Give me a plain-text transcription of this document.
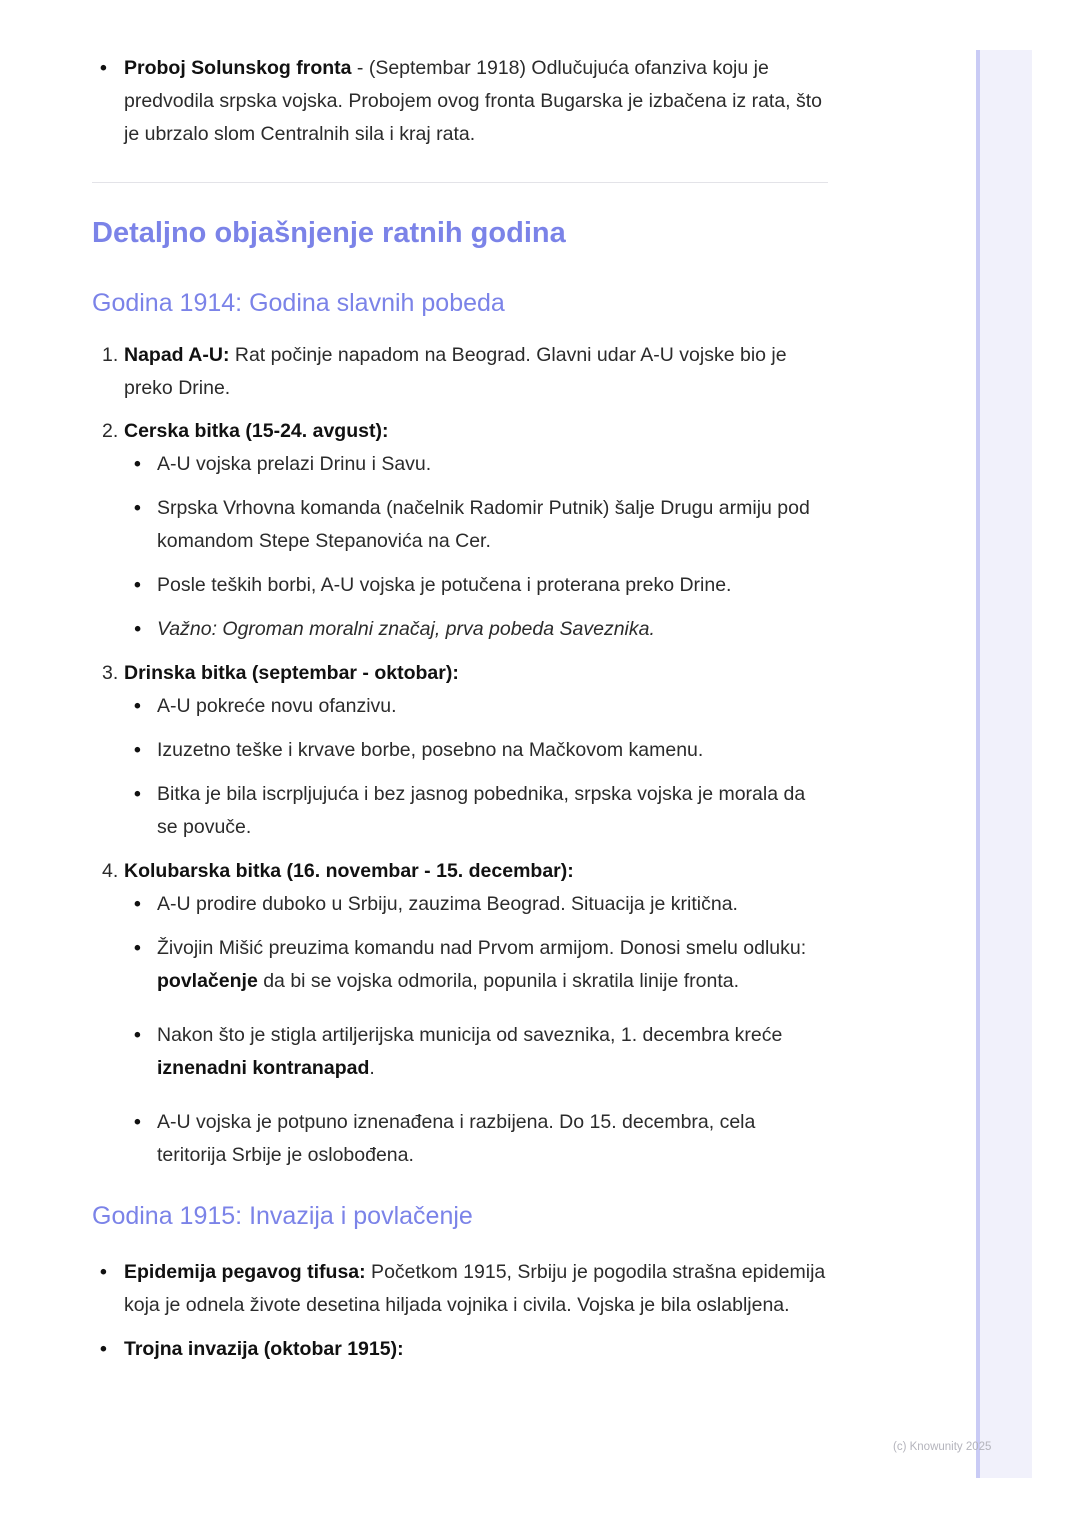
• Proboj Solunskog fronta - (Septembar 1918) Odlučujuća ofanziva koju je predvodila srpska vojska. Probojem ovog fronta Bugarska je izbačena iz rata, što je ubrzalo slom Centralnih sila i kraj rata.
Detaljno objašnjenje ratnih godina
Godina 1914: Godina slavnih pobeda
1. Napad A-U: Rat počinje napadom na Beograd. Glavni udar A-U vojske bio je preko Drine.
2. Cerska bitka (15-24. avgust):
• A-U vojska prelazi Drinu i Savu.
• Srpska Vrhovna komanda (načelnik Radomir Putnik) šalje Drugu armiju pod komandom Stepe Stepanovića na Cer.
• Posle teških borbi, A-U vojska je potučena i proterana preko Drine.
• Važno: Ogroman moralni značaj, prva pobeda Saveznika.
3. Drinska bitka (septembar - oktobar):
• A-U pokreće novu ofanzivu.
• Izuzetno teške i krvave borbe, posebno na Mačkovom kamenu.
• Bitka je bila iscrpljujuća i bez jasnog pobednika, srpska vojska je morala da se povuče.
4. Kolubarska bitka (16. novembar - 15. decembar):
• A-U prodire duboko u Srbiju, zauzima Beograd. Situacija je kritična.
• Živojin Mišić preuzima komandu nad Prvom armijom. Donosi smelu odluku: povlačenje da bi se vojska odmorila, popunila i skratila linije fronta.
• Nakon što je stigla artiljerijska municija od saveznika, 1. decembra kreće iznenadni kontranapad.
• A-U vojska je potpuno iznenađena i razbijena. Do 15. decembra, cela teritorija Srbije je oslobođena.
Godina 1915: Invazija i povlačenje
• Epidemija pegavog tifusa: Početkom 1915, Srbiju je pogodila strašna epidemija koja je odnela živote desetina hiljada vojnika i civila. Vojska je bila oslabljena.
• Trojna invazija (oktobar 1915):
(c) Knowunity 2025
